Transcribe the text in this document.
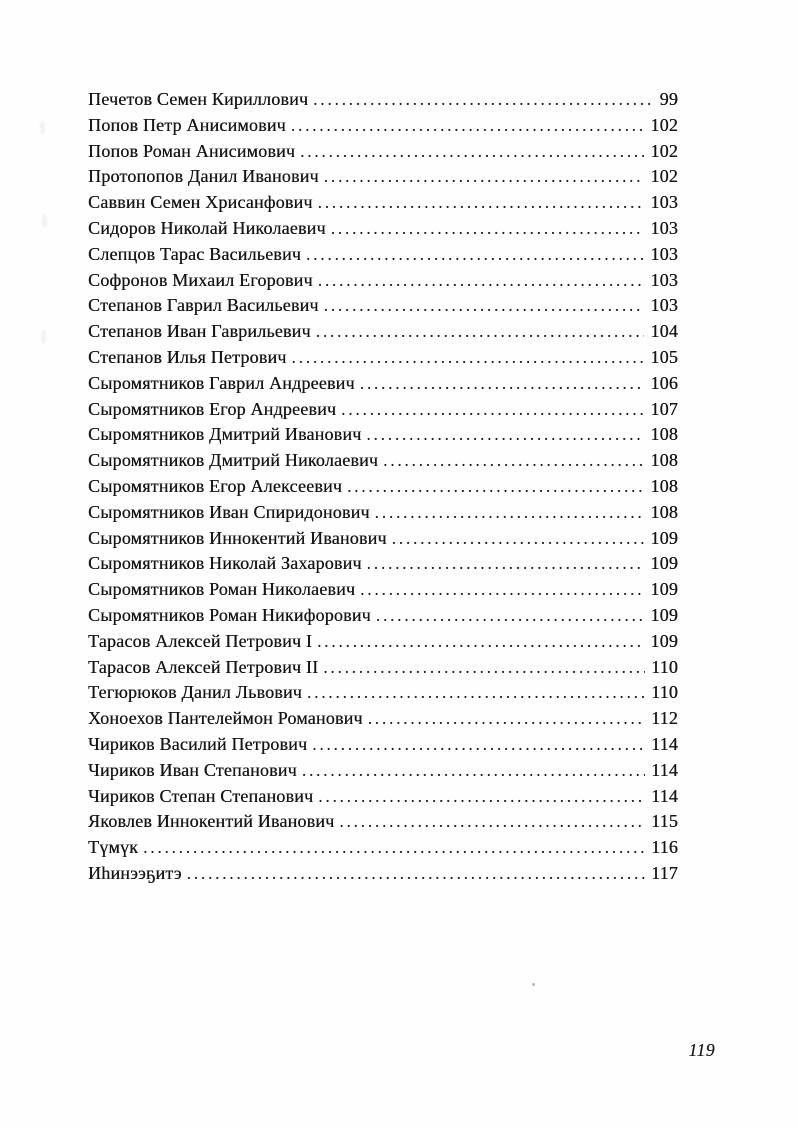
Печетов Семен Кириллович .....	99
Попов Петр Анисимович .....	102
Попов Роман Анисимович .....	102
Протопопов Данил Иванович .....	102
Саввин Семен Хрисанфович .....	103
Сидоров Николай Николаевич .....	103
Слепцов Тарас Васильевич .....	103
Софронов Михаил Егорович .....	103
Степанов Гаврил Васильевич .....	103
Степанов Иван Гаврильевич .....	104
Степанов Илья Петрович .....	105
Сыромятников Гаврил Андреевич .....	106
Сыромятников Егор Андреевич .....	107
Сыромятников Дмитрий Иванович .....	108
Сыромятников Дмитрий Николаевич .....	108
Сыромятников Егор Алексеевич .....	108
Сыромятников Иван Спиридонович .....	108
Сыромятников Иннокентий Иванович .....	109
Сыромятников Николай Захарович .....	109
Сыромятников Роман Николаевич .....	109
Сыромятников Роман Никифорович .....	109
Тарасов Алексей Петрович I .....	109
Тарасов Алексей Петрович II .....	110
Тегюрюков Данил Львович .....	110
Хоноехов Пантелеймон Романович .....	112
Чириков Василий Петрович .....	114
Чириков Иван Степанович .....	114
Чириков Степан Степанович .....	114
Яковлев Иннокентий Иванович .....	115
Түмүк .....	116
Иһинээҕитэ .....	117
119
